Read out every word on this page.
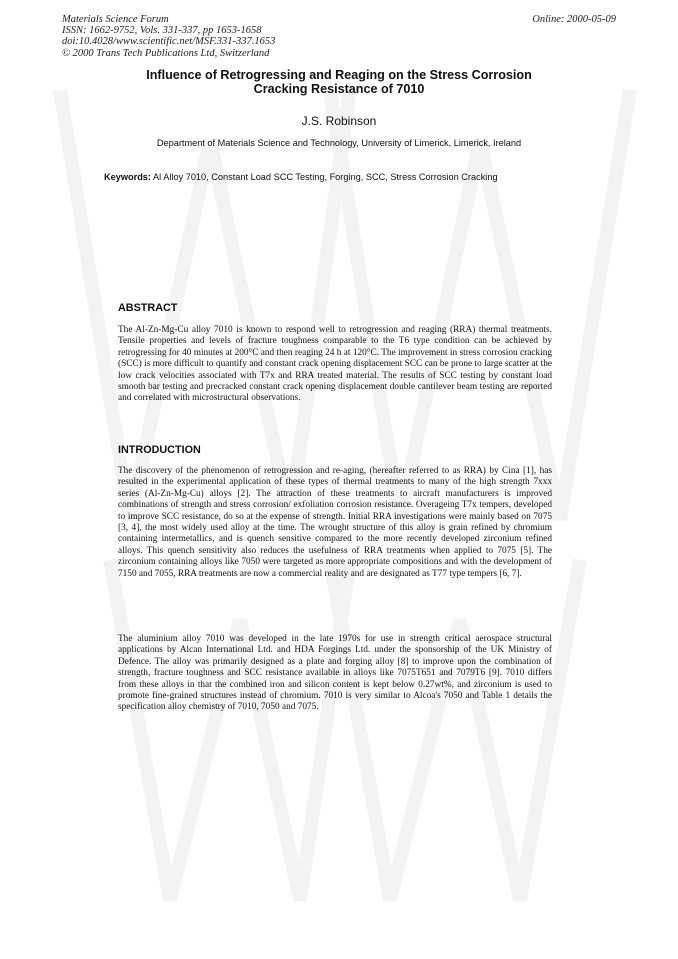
Materials Science Forum
ISSN: 1662-9752, Vols. 331-337, pp 1653-1658
doi:10.4028/www.scientific.net/MSF.331-337.1653
© 2000 Trans Tech Publications Ltd, Switzerland
Online: 2000-05-09
Influence of Retrogressing and Reaging on the Stress Corrosion
Cracking Resistance of 7010
J.S. Robinson
Department of Materials Science and Technology, University of Limerick, Limerick, Ireland
Keywords: Al Alloy 7010, Constant Load SCC Testing, Forging, SCC, Stress Corrosion Cracking
ABSTRACT

The Al-Zn-Mg-Cu alloy 7010 is known to respond well to retrogression and reaging (RRA) thermal treatments. Tensile properties and levels of fracture toughness comparable to the T6 type condition can be achieved by retrogressing for 40 minutes at 200°C and then reaging 24 h at 120°C. The improvement in stress corrosion cracking (SCC) is more difficult to quantify and constant crack opening displacement SCC can be prone to large scatter at the low crack velocities associated with T7x and RRA treated material. The results of SCC testing by constant load smooth bar testing and precracked constant crack opening displacement double cantilever beam testing are reported and correlated with microstructural observations.

INTRODUCTION

The discovery of the phenomenon of retrogression and re-aging, (hereafter referred to as RRA) by Cina [1], has resulted in the experimental application of these types of thermal treatments to many of the high strength 7xxx series (Al-Zn-Mg-Cu) alloys [2]. The attraction of these treatments to aircraft manufacturers is improved combinations of strength and stress corrosion/ exfoliation corrosion resistance. Overageing T7x tempers, developed to improve SCC resistance, do so at the expense of strength. Initial RRA investigations were mainly based on 7075 [3, 4], the most widely used alloy at the time. The wrought structure of this alloy is grain refined by chromium containing intermetallics, and is quench sensitive compared to the more recently developed zirconium refined alloys. This quench sensitivity also reduces the usefulness of RRA treatments when applied to 7075 [5]. The zirconium containing alloys like 7050 were targeted as more appropriate compositions and with the development of 7150 and 7055, RRA treatments are now a commercial reality and are designated as T77 type tempers [6, 7].

The aluminium alloy 7010 was developed in the late 1970s for use in strength critical aerospace structural applications by Alcan International Ltd. and HDA Forgings Ltd. under the sponsorship of the UK Ministry of Defence. The alloy was primarily designed as a plate and forging alloy [8] to improve upon the combination of strength, fracture toughness and SCC resistance available in alloys like 7075T651 and 7079T6 [9]. 7010 differs from these alloys in that the combined iron and silicon content is kept below 0.27wt%, and zirconium is used to promote fine-grained structures instead of chromium. 7010 is very similar to Alcoa's 7050 and Table 1 details the specification alloy chemistry of 7010, 7050 and 7075.
